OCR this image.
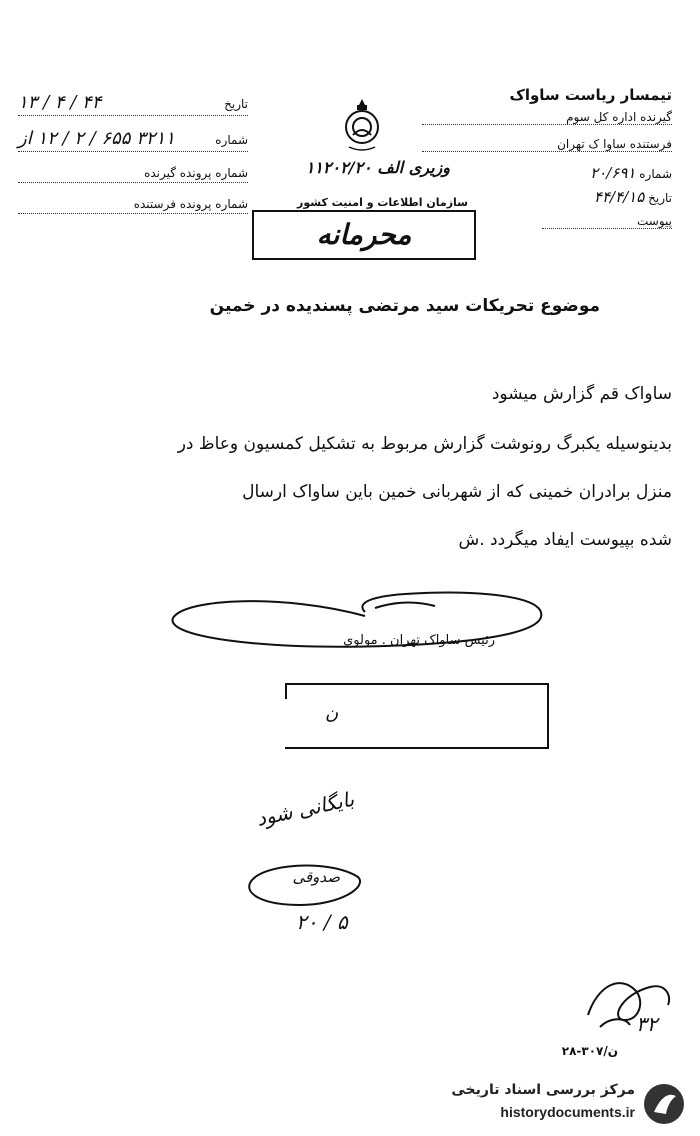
تیمسار ریاست ساواک
گیرنده اداره کل سوم
فرستنده ساوا ک تهران
شماره ۲۰/۶۹۱
تاریخ ۴۴/۴/۱۵
پیوست
تاریخ
۴۴ / ۴ / ۱۳
شماره
۳۲۱۱ ۶۵۵ / ۲ / ۱۲ از
شماره پرونده گیرنده
شماره پرونده فرستنده
وزیری الف ۱۱۲۰۲/۲۰
سازمان اطلاعات و امنیت کشور
محرمانه
موضوع تحریکات سید مرتضی پسندیده در خمین
ساواک قم گزارش میشود
بدینوسیله یکبرگ رونوشت گزارش مربوط به تشکیل کمسیون وعاظ در
منزل برادران خمینی که از شهربانی خمین باین ساواک ارسال
شده بپیوست ایفاد میگردد .ش
رئیس ساواک تهران . مولوی
ن
بایگانی شود
صدوقی
۲۰ / ۵
۳۲
ن/۳۰۷-۲۸
مرکز بررسی اسناد تاریخی
historydocuments.ir
